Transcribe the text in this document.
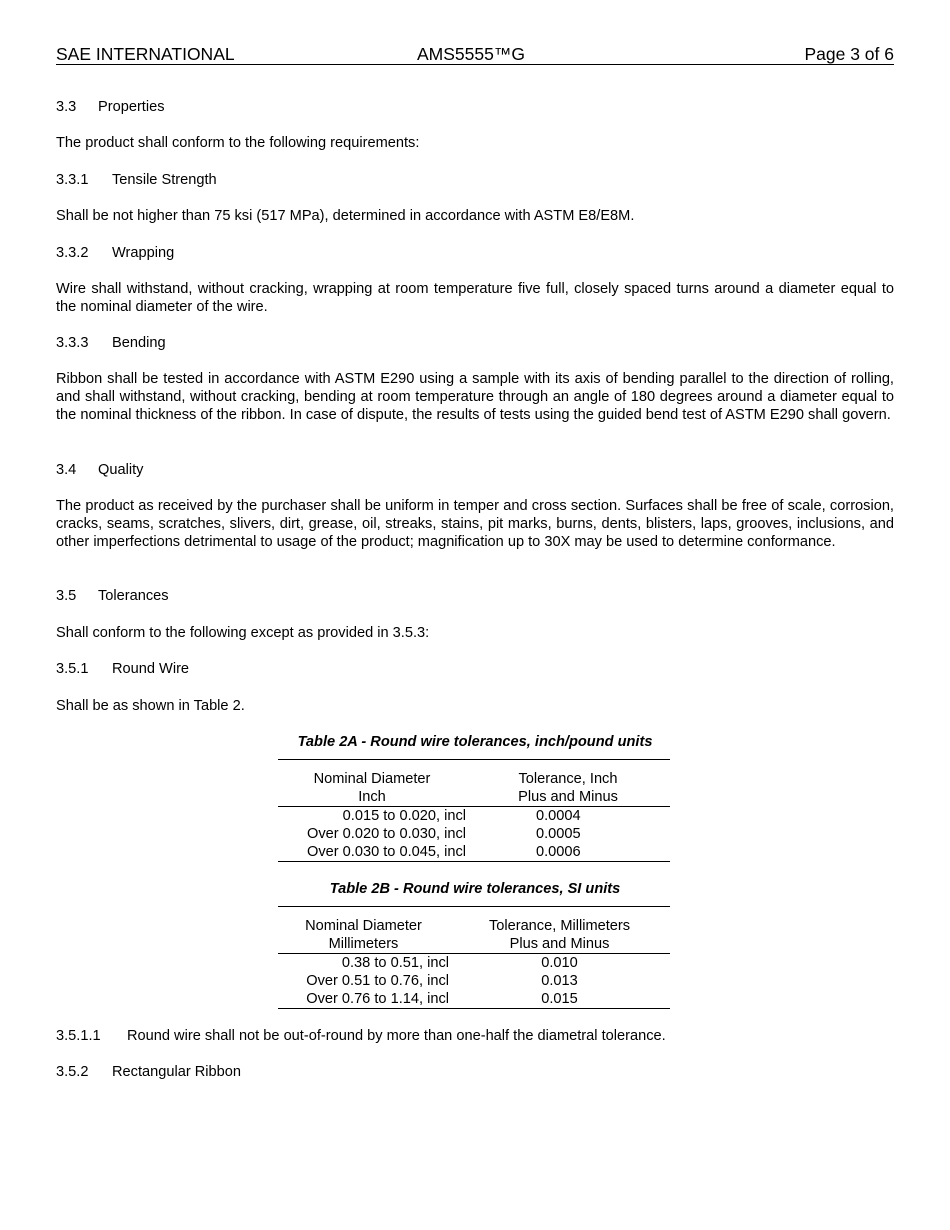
SAE INTERNATIONAL	AMS5555™G	Page 3 of 6
3.3 Properties
The product shall conform to the following requirements:
3.3.1 Tensile Strength
Shall be not higher than 75 ksi (517 MPa), determined in accordance with ASTM E8/E8M.
3.3.2 Wrapping
Wire shall withstand, without cracking, wrapping at room temperature five full, closely spaced turns around a diameter equal to the nominal diameter of the wire.
3.3.3 Bending
Ribbon shall be tested in accordance with ASTM E290 using a sample with its axis of bending parallel to the direction of rolling, and shall withstand, without cracking, bending at room temperature through an angle of 180 degrees around a diameter equal to the nominal thickness of the ribbon. In case of dispute, the results of tests using the guided bend test of ASTM E290 shall govern.
3.4 Quality
The product as received by the purchaser shall be uniform in temper and cross section. Surfaces shall be free of scale, corrosion, cracks, seams, scratches, slivers, dirt, grease, oil, streaks, stains, pit marks, burns, dents, blisters, laps, grooves, inclusions, and other imperfections detrimental to usage of the product; magnification up to 30X may be used to determine conformance.
3.5 Tolerances
Shall conform to the following except as provided in 3.5.3:
3.5.1 Round Wire
Shall be as shown in Table 2.
Table 2A - Round wire tolerances, inch/pound units
Nominal Diameter	Tolerance, Inch
Inch	Plus and Minus
0.015 to 0.020, incl	0.0004
Over 0.020 to 0.030, incl	0.0005
Over 0.030 to 0.045, incl	0.0006
Table 2B - Round wire tolerances, SI units
Nominal Diameter	Tolerance, Millimeters
Millimeters	Plus and Minus
0.38 to 0.51, incl	0.010
Over 0.51 to 0.76, incl	0.013
Over 0.76 to 1.14, incl	0.015
3.5.1.1 Round wire shall not be out-of-round by more than one-half the diametral tolerance.
3.5.2 Rectangular Ribbon
